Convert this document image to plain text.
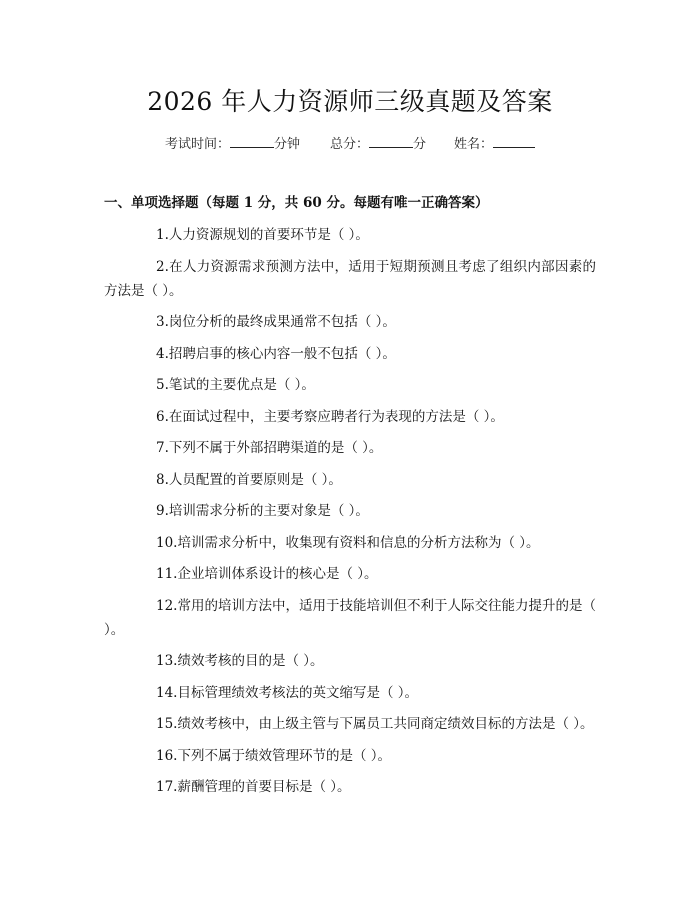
2026 年人力资源师三级真题及答案
考试时间：	分钟 总分：	分 姓名：
一、单项选择题（每题 1 分，共 60 分。每题有唯一正确答案）
1.人力资源规划的首要环节是（ ）。
2.在人力资源需求预测方法中，适用于短期预测且考虑了组织内部因素的方法是（ ）。
3.岗位分析的最终成果通常不包括（ ）。
4.招聘启事的核心内容一般不包括（ ）。
5.笔试的主要优点是（ ）。
6.在面试过程中，主要考察应聘者行为表现的方法是（ ）。
7.下列不属于外部招聘渠道的是（ ）。
8.人员配置的首要原则是（ ）。
9.培训需求分析的主要对象是（ ）。
10.培训需求分析中，收集现有资料和信息的分析方法称为（ ）。
11.企业培训体系设计的核心是（ ）。
12.常用的培训方法中，适用于技能培训但不利于人际交往能力提升的是（ ）。
13.绩效考核的目的是（ ）。
14.目标管理绩效考核法的英文缩写是（ ）。
15.绩效考核中，由上级主管与下属员工共同商定绩效目标的方法是（ ）。
16.下列不属于绩效管理环节的是（ ）。
17.薪酬管理的首要目标是（ ）。
